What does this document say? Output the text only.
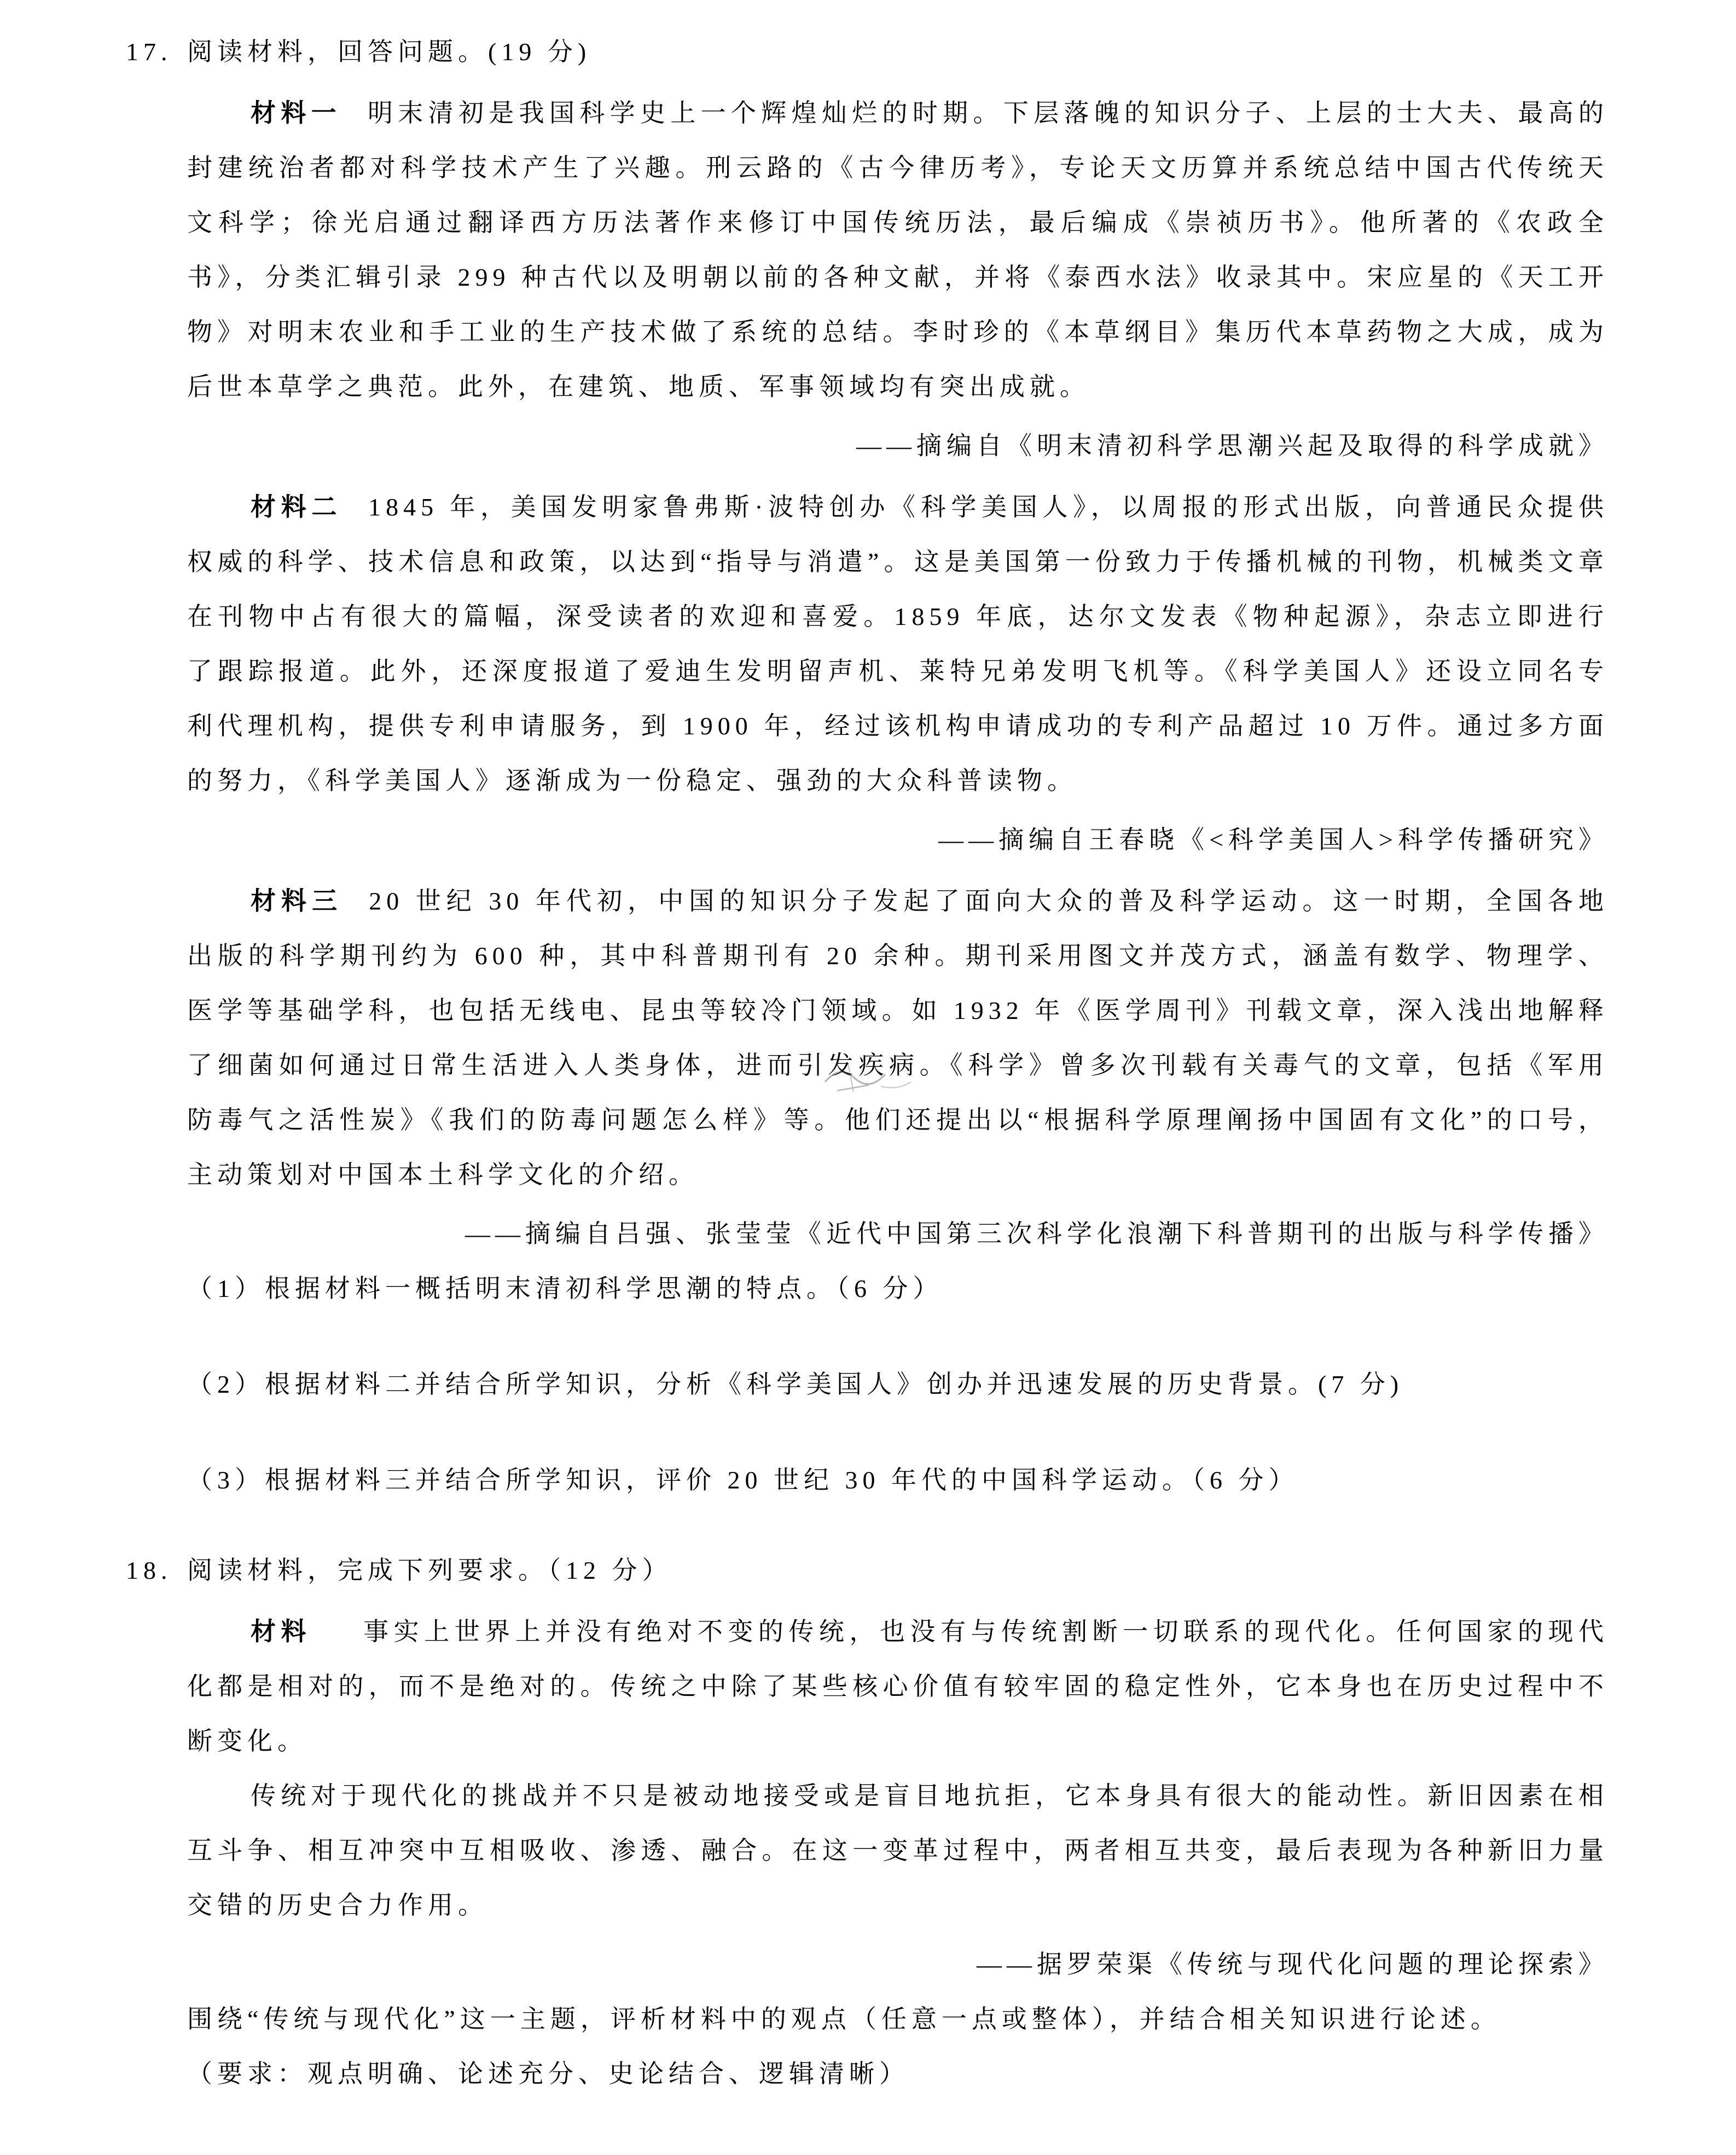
17. 阅读材料，回答问题。(19 分)

材料一 明末清初是我国科学史上一个辉煌灿烂的时期。下层落魄的知识分子、上层的士大夫、最高的封建统治者都对科学技术产生了兴趣。刑云路的《古今律历考》，专论天文历算并系统总结中国古代传统天文科学；徐光启通过翻译西方历法著作来修订中国传统历法，最后编成《崇祯历书》。他所著的《农政全书》，分类汇辑引录 299 种古代以及明朝以前的各种文献，并将《泰西水法》收录其中。宋应星的《天工开物》对明末农业和手工业的生产技术做了系统的总结。李时珍的《本草纲目》集历代本草药物之大成，成为后世本草学之典范。此外，在建筑、地质、军事领域均有突出成就。

——摘编自《明末清初科学思潮兴起及取得的科学成就》

材料二 1845 年，美国发明家鲁弗斯·波特创办《科学美国人》，以周报的形式出版，向普通民众提供权威的科学、技术信息和政策，以达到“指导与消遣”。这是美国第一份致力于传播机械的刊物，机械类文章在刊物中占有很大的篇幅，深受读者的欢迎和喜爱。1859 年底，达尔文发表《物种起源》，杂志立即进行了跟踪报道。此外，还深度报道了爱迪生发明留声机、莱特兄弟发明飞机等。《科学美国人》还设立同名专利代理机构，提供专利申请服务，到 1900 年，经过该机构申请成功的专利产品超过 10 万件。通过多方面的努力，《科学美国人》逐渐成为一份稳定、强劲的大众科普读物。

——摘编自王春晓《<科学美国人>科学传播研究》

材料三 20 世纪 30 年代初，中国的知识分子发起了面向大众的普及科学运动。这一时期，全国各地出版的科学期刊约为 600 种，其中科普期刊有 20 余种。期刊采用图文并茂方式，涵盖有数学、物理学、医学等基础学科，也包括无线电、昆虫等较冷门领域。如 1932 年《医学周刊》刊载文章，深入浅出地解释了细菌如何通过日常生活进入人类身体，进而引发疾病。《科学》曾多次刊载有关毒气的文章，包括《军用防毒气之活性炭》《我们的防毒问题怎么样》等。他们还提出以“根据科学原理阐扬中国固有文化”的口号，主动策划对中国本土科学文化的介绍。

——摘编自吕强、张莹莹《近代中国第三次科学化浪潮下科普期刊的出版与科学传播》

（1）根据材料一概括明末清初科学思潮的特点。（6 分）

（2）根据材料二并结合所学知识，分析《科学美国人》创办并迅速发展的历史背景。(7 分)

（3）根据材料三并结合所学知识，评价 20 世纪 30 年代的中国科学运动。（6 分）

18. 阅读材料，完成下列要求。（12 分）

材料 事实上世界上并没有绝对不变的传统，也没有与传统割断一切联系的现代化。任何国家的现代化都是相对的，而不是绝对的。传统之中除了某些核心价值有较牢固的稳定性外，它本身也在历史过程中不断变化。

传统对于现代化的挑战并不只是被动地接受或是盲目地抗拒，它本身具有很大的能动性。新旧因素在相互斗争、相互冲突中互相吸收、渗透、融合。在这一变革过程中，两者相互共变，最后表现为各种新旧力量交错的历史合力作用。

——据罗荣渠《传统与现代化问题的理论探索》

围绕“传统与现代化”这一主题，评析材料中的观点（任意一点或整体），并结合相关知识进行论述。

（要求：观点明确、论述充分、史论结合、逻辑清晰）
